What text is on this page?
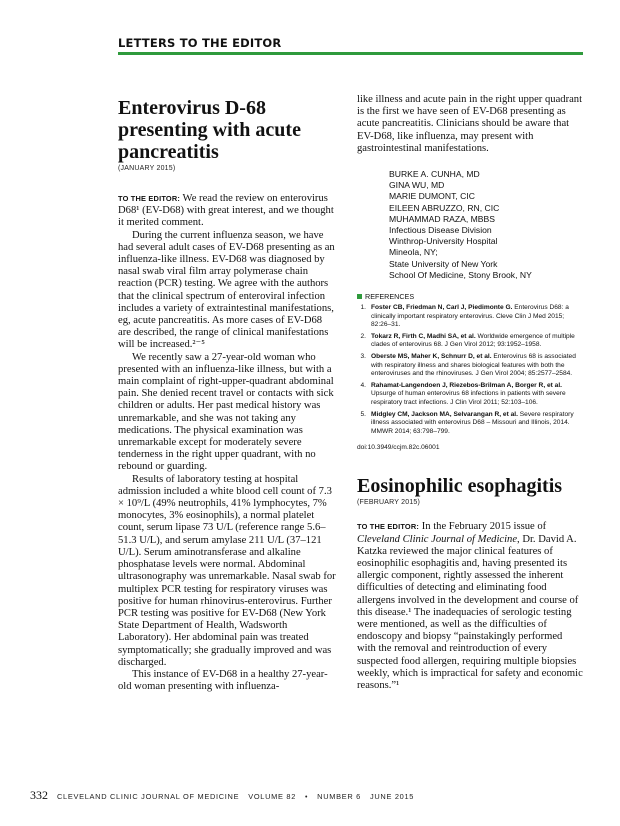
LETTERS TO THE EDITOR
Enterovirus D-68 presenting with acute pancreatitis
(JANUARY 2015)

TO THE EDITOR: We read the review on enterovirus D68¹ (EV-D68) with great interest, and we thought it merited comment.

During the current influenza season, we have had several adult cases of EV-D68 presenting as an influenza-like illness. EV-D68 was diagnosed by nasal swab viral film array polymerase chain reaction (PCR) testing. We agree with the authors that the clinical spectrum of enteroviral infection includes a variety of extraintestinal manifestations, eg, acute pancreatitis. As more cases of EV-D68 are described, the range of clinical manifestations will be increased.²⁻⁵

We recently saw a 27-year-old woman who presented with an influenza-like illness, but with a main complaint of right-upper-quadrant abdominal pain. She denied recent travel or contacts with sick children or adults. Her past medical history was unremarkable, and she was not taking any medications. The physical examination was unremarkable except for moderately severe tenderness in the right upper quadrant, with no rebound or guarding.

Results of laboratory testing at hospital admission included a white blood cell count of 7.3 × 10⁹/L (49% neutrophils, 41% lymphocytes, 7% monocytes, 3% eosinophils), a normal platelet count, serum lipase 73 U/L (reference range 5.6–51.3 U/L), and serum amylase 211 U/L (37–121 U/L). Serum aminotransferase and alkaline phosphatase levels were normal. Abdominal ultrasonography was unremarkable. Nasal swab for multiplex PCR testing for respiratory viruses was positive for human rhinovirus-enterovirus. Further PCR testing was positive for EV-D68 (New York State Department of Health, Wadsworth Laboratory). Her abdominal pain was treated symptomatically; she gradually improved and was discharged.

This instance of EV-D68 in a healthy 27-year-old woman presenting with influenza-

like illness and acute pain in the right upper quadrant is the first we have seen of EV-D68 presenting as acute pancreatitis. Clinicians should be aware that EV-D68, like influenza, may present with gastrointestinal manifestations.

BURKE A. CUNHA, MD
GINA WU, MD
MARIE DUMONT, CIC
EILEEN ABRUZZO, RN, CIC
MUHAMMAD RAZA, MBBS
Infectious Disease Division
Winthrop-University Hospital
Mineola, NY;
State University of New York
School Of Medicine, Stony Brook, NY
REFERENCES
1. Foster CB, Friedman N, Carl J, Piedimonte G. Enterovirus D68: a clinically important respiratory enterovirus. Cleve Clin J Med 2015; 82:26–31.
2. Tokarz R, Firth C, Madhi SA, et al. Worldwide emergence of multiple clades of enterovirus 68. J Gen Virol 2012; 93:1952–1958.
3. Oberste MS, Maher K, Schnurr D, et al. Enterovirus 68 is associated with respiratory illness and shares biological features with both the enteroviruses and the rhinoviruses. J Gen Virol 2004; 85:2577–2584.
4. Rahamat-Langendoen J, Riezebos-Brilman A, Borger R, et al. Upsurge of human enterovirus 68 infections in patients with severe respiratory tract infections. J Clin Virol 2011; 52:103–106.
5. Midgley CM, Jackson MA, Selvarangan R, et al. Severe respiratory illness associated with enterovirus D68 – Missouri and Illinois, 2014. MMWR 2014; 63:798–799.
doi:10.3949/ccjm.82c.06001
Eosinophilic esophagitis
(FEBRUARY 2015)

TO THE EDITOR: In the February 2015 issue of Cleveland Clinic Journal of Medicine, Dr. David A. Katzka reviewed the major clinical features of eosinophilic esophagitis and, having presented its allergic component, rightly assessed the inherent difficulties of detecting and eliminating food allergens involved in the development and course of this disease.¹ The inadequacies of serologic testing were mentioned, as well as the difficulties of endoscopy and biopsy “painstakingly performed with the removal and reintroduction of every suspected food allergen, requiring multiple biopsies weekly, which is impractical for safety and economic reasons.”¹

332 CLEVELAND CLINIC JOURNAL OF MEDICINE VOLUME 82 • NUMBER 6 JUNE 2015
